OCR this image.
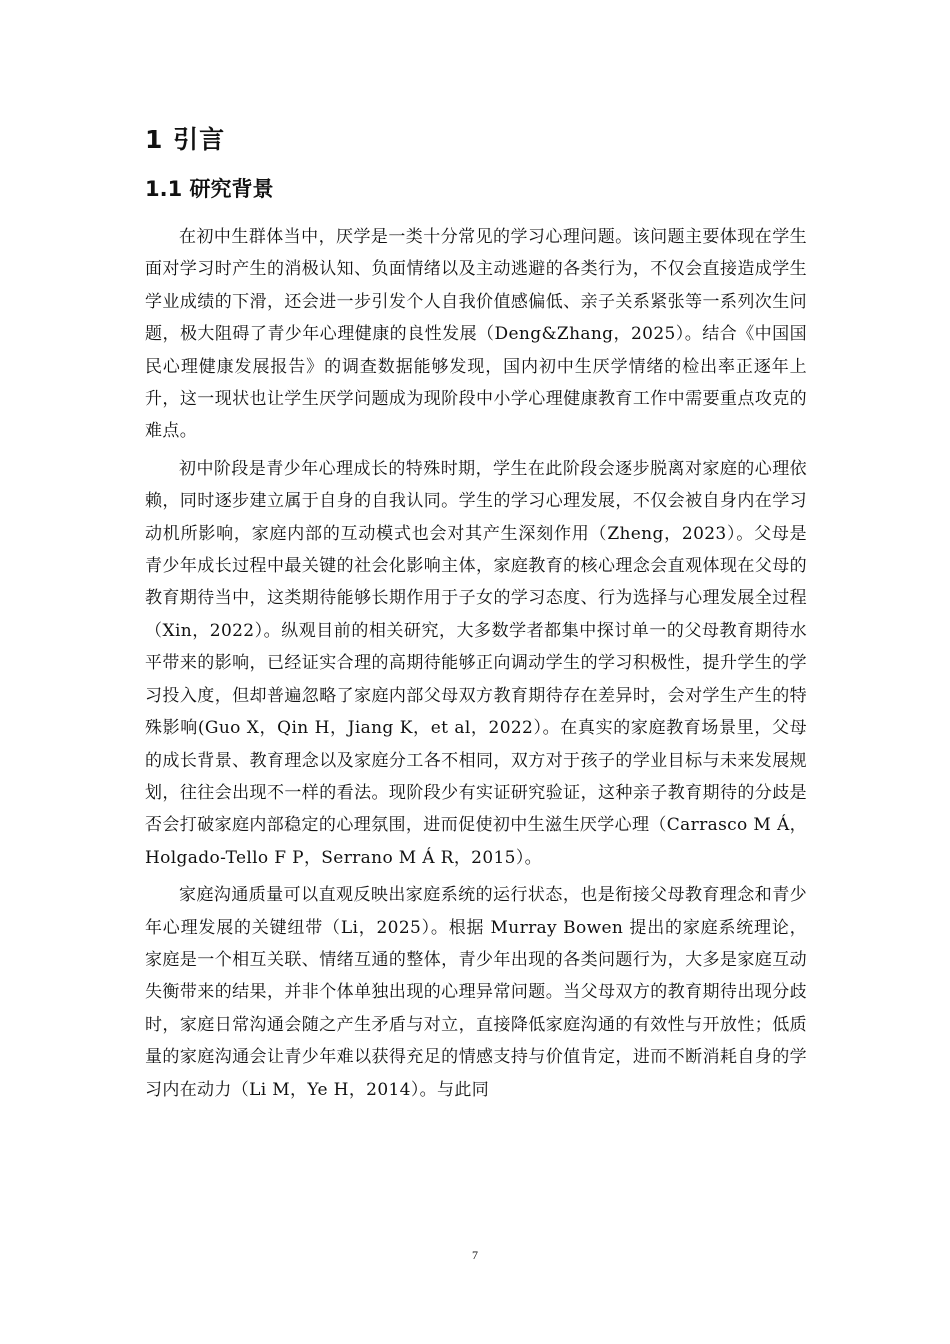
1 引言
1.1 研究背景

在初中生群体当中，厌学是一类十分常见的学习心理问题。该问题主要体现在学生面对学习时产生的消极认知、负面情绪以及主动逃避的各类行为，不仅会直接造成学生学业成绩的下滑，还会进一步引发个人自我价值感偏低、亲子关系紧张等一系列次生问题，极大阻碍了青少年心理健康的良性发展（Deng&Zhang，2025）。结合《中国国民心理健康发展报告》的调查数据能够发现，国内初中生厌学情绪的检出率正逐年上升，这一现状也让学生厌学问题成为现阶段中小学心理健康教育工作中需要重点攻克的难点。

初中阶段是青少年心理成长的特殊时期，学生在此阶段会逐步脱离对家庭的心理依赖，同时逐步建立属于自身的自我认同。学生的学习心理发展，不仅会被自身内在学习动机所影响，家庭内部的互动模式也会对其产生深刻作用（Zheng，2023）。父母是青少年成长过程中最关键的社会化影响主体，家庭教育的核心理念会直观体现在父母的教育期待当中，这类期待能够长期作用于子女的学习态度、行为选择与心理发展全过程（Xin，2022）。纵观目前的相关研究，大多数学者都集中探讨单一的父母教育期待水平带来的影响，已经证实合理的高期待能够正向调动学生的学习积极性，提升学生的学习投入度，但却普遍忽略了家庭内部父母双方教育期待存在差异时，会对学生产生的特殊影响(Guo X，Qin H，Jiang K，et al，2022）。在真实的家庭教育场景里，父母的成长背景、教育理念以及家庭分工各不相同，双方对于孩子的学业目标与未来发展规划，往往会出现不一样的看法。现阶段少有实证研究验证，这种亲子教育期待的分歧是否会打破家庭内部稳定的心理氛围，进而促使初中生滋生厌学心理（Carrasco M Á，Holgado-Tello F P，Serrano M Á R，2015）。

家庭沟通质量可以直观反映出家庭系统的运行状态，也是衔接父母教育理念和青少年心理发展的关键纽带（Li，2025）。根据 Murray Bowen 提出的家庭系统理论，家庭是一个相互关联、情绪互通的整体，青少年出现的各类问题行为，大多是家庭互动失衡带来的结果，并非个体单独出现的心理异常问题。当父母双方的教育期待出现分歧时，家庭日常沟通会随之产生矛盾与对立，直接降低家庭沟通的有效性与开放性；低质量的家庭沟通会让青少年难以获得充足的情感支持与价值肯定，进而不断消耗自身的学习内在动力（Li M，Ye H，2014）。与此同

7
